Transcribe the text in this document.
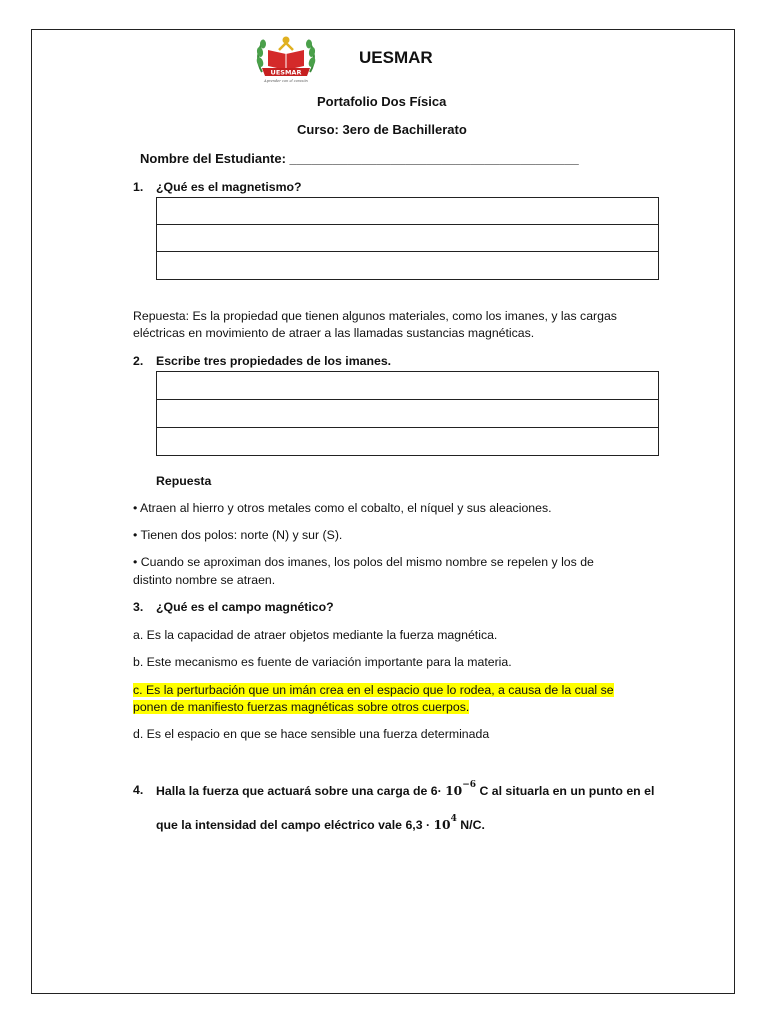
UESMAR
Aprender con el corazón
UESMAR
Portafolio Dos Física
Curso: 3ero de Bachillerato
Nombre del Estudiante: ________________________________________
1. ¿Qué es el magnetismo?
Repuesta: Es la propiedad que tienen algunos materiales, como los imanes, y las cargas
eléctricas en movimiento de atraer a las llamadas sustancias magnéticas.
2. Escribe tres propiedades de los imanes.
Repuesta
• Atraen al hierro y otros metales como el cobalto, el níquel y sus aleaciones.
• Tienen dos polos: norte (N) y sur (S).
• Cuando se aproximan dos imanes, los polos del mismo nombre se repelen y los de
distinto nombre se atraen.
3. ¿Qué es el campo magnético?
a. Es la capacidad de atraer objetos mediante la fuerza magnética.
b. Este mecanismo es fuente de variación importante para la materia.
c. Es la perturbación que un imán crea en el espacio que lo rodea, a causa de la cual se
ponen de manifiesto fuerzas magnéticas sobre otros cuerpos.
d. Es el espacio en que se hace sensible una fuerza determinada
4. Halla la fuerza que actuará sobre una carga de $6\cdot 10^{-6}$ C al situarla en un punto en el
que la intensidad del campo eléctrico vale $6,3 \cdot 10^4$ N/C.
